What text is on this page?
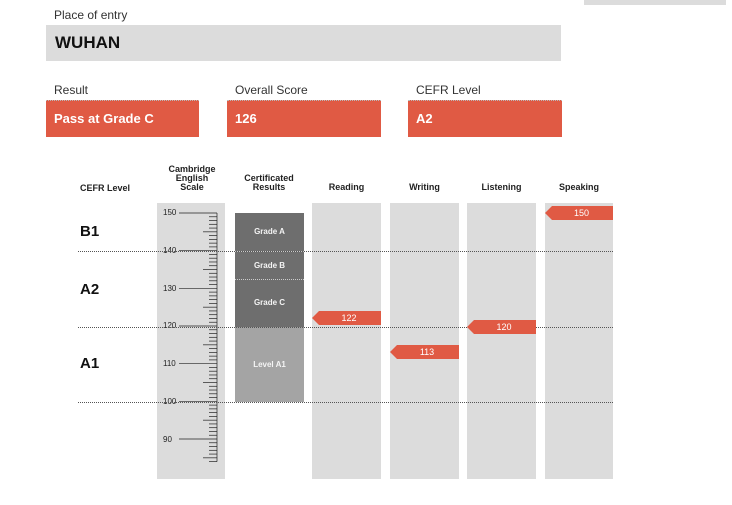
Place of entry
WUHAN
Result
Pass at Grade C
Overall Score
126
CEFR Level
A2
CEFR Level
Cambridge
English
Scale
Certificated
Results	Reading	Writing	Listening	Speaking
150
140
130
120
110
100
90
B1
A2
A1
Grade A
Grade B
Grade C
Level A1
122
113
120
150
